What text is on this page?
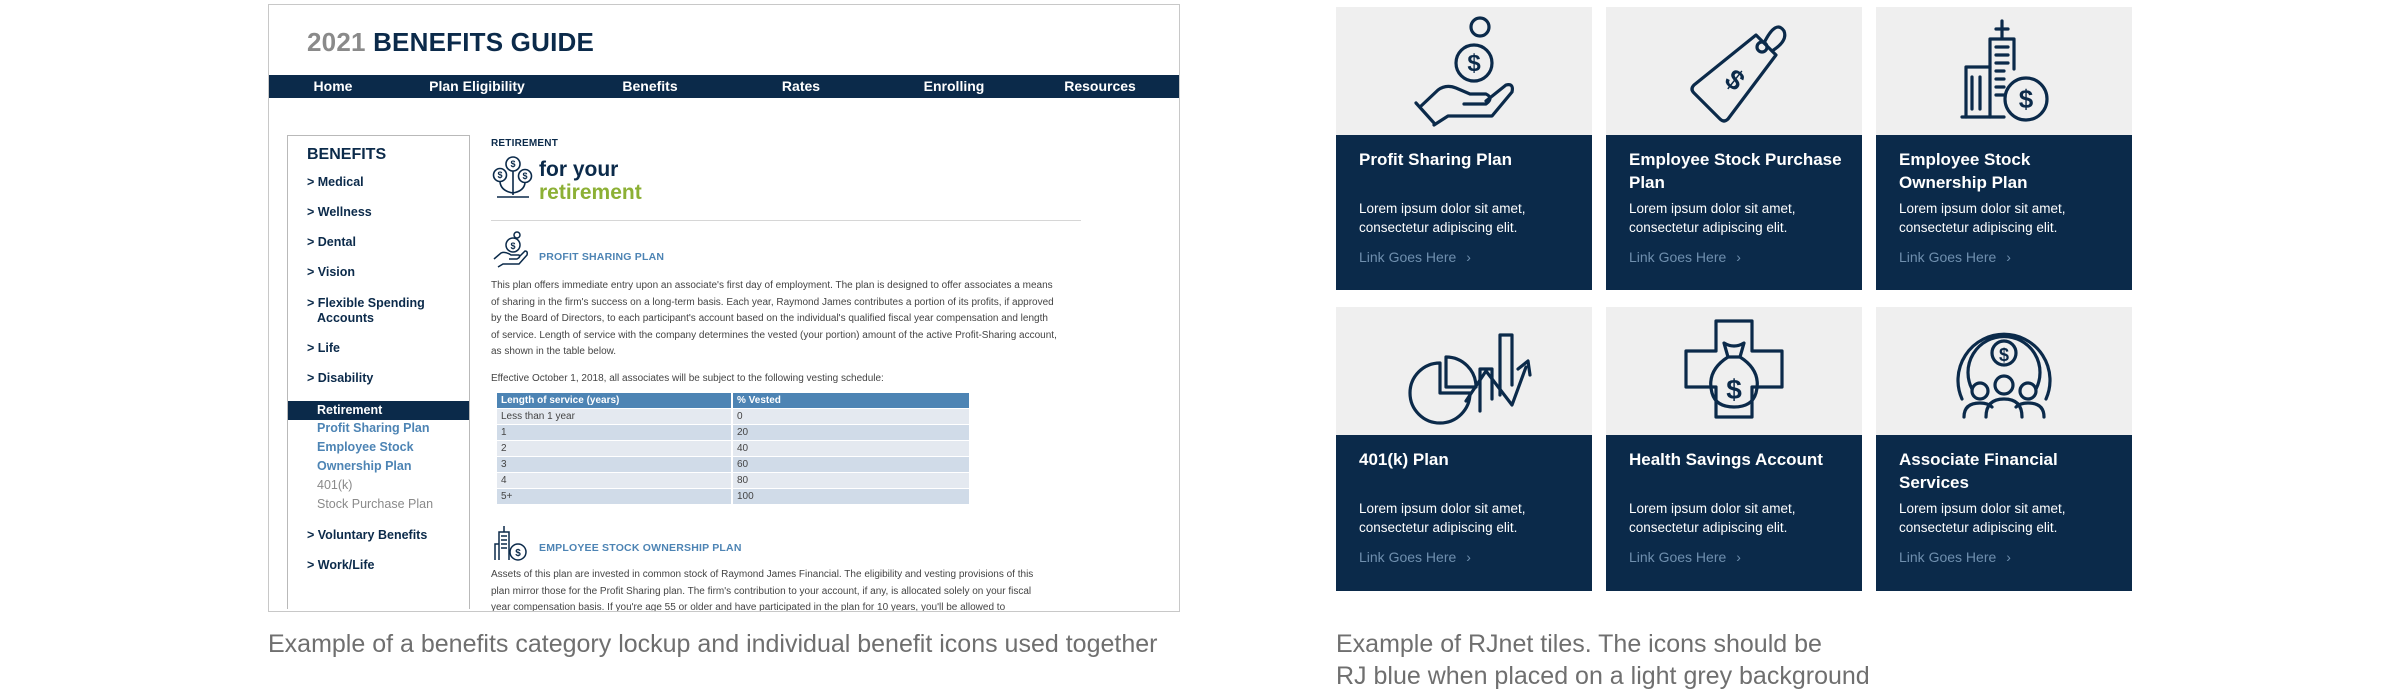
2021 BENEFITS GUIDE
Home	Plan Eligibility	Benefits	Rates	Enrolling	Resources
BENEFITS
> Medical
> Wellness
> Dental
> Vision
> Flexible Spending
Accounts
> Life
> Disability
Retirement
Profit Sharing Plan
Employee Stock
Ownership Plan
401(k)
Stock Purchase Plan
> Voluntary Benefits
> Work/Life
RETIREMENT
$
$ $ for your
retirement
$
PROFIT SHARING PLAN
This plan offers immediate entry upon an associate's first day of employment. The plan is designed to offer associates a means
of sharing in the firm's success on a long-term basis. Each year, Raymond James contributes a portion of its profits, if approved
by the Board of Directors, to each participant's account based on the individual's qualified fiscal year compensation and length
of service. Length of service with the company determines the vested (your portion) amount of the active Profit-Sharing account,
as shown in the table below.
Effective October 1, 2018, all associates will be subject to the following vesting schedule:
Length of service (years)	% Vested
Less than 1 year	0
1	20
2	40
3	60
4	80
5+	100
$ EMPLOYEE STOCK OWNERSHIP PLAN
Assets of this plan are invested in common stock of Raymond James Financial. The eligibility and vesting provisions of this
plan mirror those for the Profit Sharing plan. The firm's contribution to your account, if any, is allocated solely on your fiscal
year compensation basis. If you're age 55 or older and have participated in the plan for 10 years, you'll be allowed to
Example of a benefits category lockup and individual benefit icons used together	Example of RJnet tiles. The icons should be
RJ blue when placed on a light grey background
$
Profit Sharing Plan
Lorem ipsum dolor sit amet, consectetur adipiscing elit.
Link Goes Here ›
$
Employee Stock Purchase Plan
Lorem ipsum dolor sit amet, consectetur adipiscing elit.
Link Goes Here ›
$
Employee Stock Ownership Plan
Lorem ipsum dolor sit amet, consectetur adipiscing elit.
Link Goes Here ›
401(k) Plan
Lorem ipsum dolor sit amet, consectetur adipiscing elit.
Link Goes Here ›
$
Health Savings Account
Lorem ipsum dolor sit amet, consectetur adipiscing elit.
Link Goes Here ›
$
Associate Financial Services
Lorem ipsum dolor sit amet, consectetur adipiscing elit.
Link Goes Here ›
